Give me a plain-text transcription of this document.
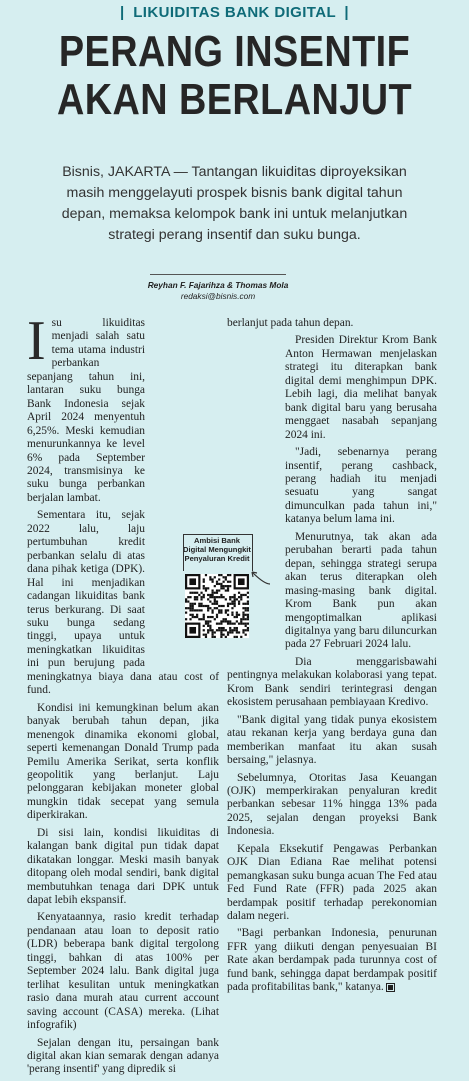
| LIKUIDITAS BANK DIGITAL |
PERANG INSENTIF
AKAN BERLANJUT
Bisnis, JAKARTA — Tantangan likuiditas diproyeksikan masih menggelayuti prospek bisnis bank digital tahun depan, memaksa kelompok bank ini untuk melanjutkan strategi perang insentif dan suku bunga.
Reyhan F. Fajarihza & Thomas Mola
redaksi@bisnis.com
I su likuiditas menjadi salah satu tema utama industri perbankan sepanjang tahun ini, lantaran suku bunga Bank Indonesia sejak April 2024 menyentuh 6,25%. Meski kemudian menurunkannya ke level 6% pada September 2024, transmisinya ke suku bunga perbankan berjalan lambat.

Sementara itu, sejak 2022 lalu, laju pertumbuhan kredit perbankan selalu di atas dana pihak ketiga (DPK). Hal ini menjadikan cadangan likuiditas bank terus berkurang. Di saat suku bunga sedang tinggi, upaya untuk meningkatkan likuiditas ini pun berujung pada meningkatnya biaya dana atau cost of fund.

Kondisi ini kemungkinan belum akan banyak berubah tahun depan, jika menengok dinamika ekonomi global, seperti kemenangan Donald Trump pada Pemilu Amerika Serikat, serta konflik geopolitik yang berlanjut. Laju pelonggaran kebijakan moneter global mungkin tidak secepat yang semula diperkirakan.

Di sisi lain, kondisi likuiditas di kalangan bank digital pun tidak dapat dikatakan longgar. Meski masih banyak ditopang oleh modal sendiri, bank digital membutuhkan tenaga dari DPK untuk dapat lebih ekspansif.

Kenyataannya, rasio kredit terhadap pendanaan atau loan to deposit ratio (LDR) beberapa bank digital tergolong tinggi, bahkan di atas 100% per September 2024 lalu. Bank digital juga terlihat kesulitan untuk meningkatkan rasio dana murah atau current account saving account (CASA) mereka. (Lihat infografik)

Sejalan dengan itu, persaingan bank digital akan kian semarak dengan adanya 'perang insentif' yang dipredik si

berlanjut pada tahun depan.

Presiden Direktur Krom Bank Anton Hermawan menjelaskan strategi itu diterapkan bank digital demi menghimpun DPK. Lebih lagi, dia melihat banyak bank digital baru yang berusaha menggaet nasabah sepanjang 2024 ini.

"Jadi, sebenarnya perang insentif, perang cashback, perang hadiah itu menjadi sesuatu yang sangat dimunculkan pada tahun ini," katanya belum lama ini.

Menurutnya, tak akan ada perubahan berarti pada tahun depan, sehingga strategi serupa akan terus diterapkan oleh masing-masing bank digital. Krom Bank pun akan mengoptimalkan aplikasi digitalnya yang baru diluncurkan pada 27 Februari 2024 lalu.

Dia menggarisbawahi pentingnya melakukan kolaborasi yang tepat. Krom Bank sendiri terintegrasi dengan ekosistem perusahaan pembiayaan Kredivo.

"Bank digital yang tidak punya ekosistem atau rekanan kerja yang berdaya guna dan memberikan manfaat itu akan susah bersaing," jelasnya.

Sebelumnya, Otoritas Jasa Keuangan (OJK) memperkirakan penyaluran kredit perbankan sebesar 11% hingga 13% pada 2025, sejalan dengan proyeksi Bank Indonesia.

Kepala Eksekutif Pengawas Perbankan OJK Dian Ediana Rae melihat potensi pemangkasan suku bunga acuan The Fed atau Fed Fund Rate (FFR) pada 2025 akan berdampak positif terhadap perekonomian dalam negeri.

"Bagi perbankan Indonesia, penurunan FFR yang diikuti dengan penyesuaian BI Rate akan berdampak pada turunnya cost of fund bank, sehingga dapat berdampak positif pada profitabilitas bank," katanya.

Ambisi Bank
Digital Mengungkit
Penyaluran Kredit
